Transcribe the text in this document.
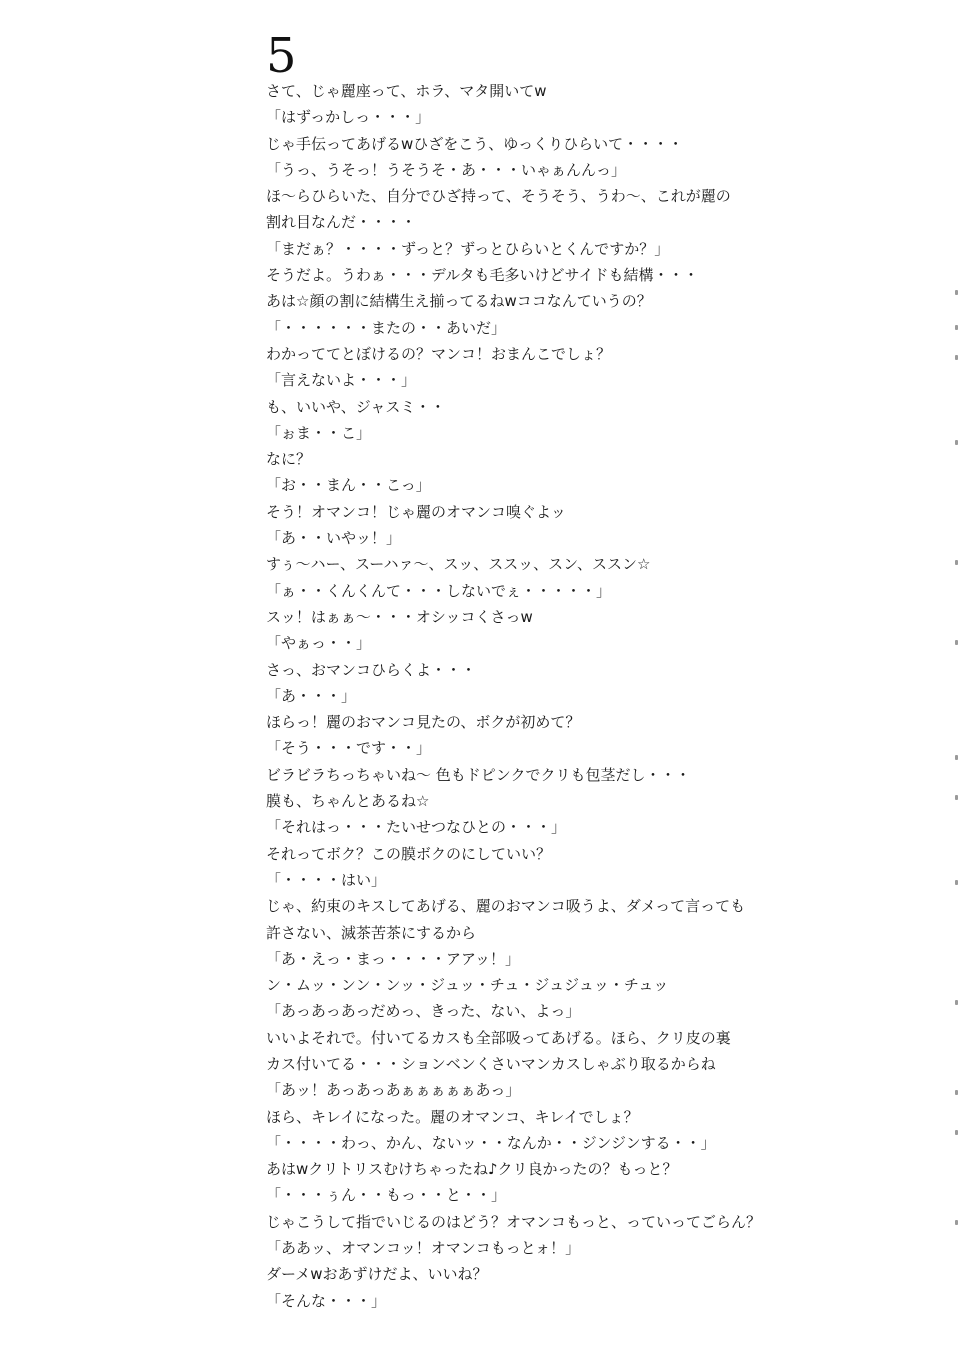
5
さて、じゃ麗座って、ホラ、マタ開いてw
「はずっかしっ・・・」
じゃ手伝ってあげるwひざをこう、ゆっくりひらいて・・・・
「うっ、うそっ！うそうそ・あ・・・いゃぁんんっ」
ほ～らひらいた、自分でひざ持って、そうそう、うわ～、これが麗の
割れ目なんだ・・・・
「まだぁ？・・・・ずっと？ずっとひらいとくんですか？」
そうだよ。うわぁ・・・デルタも毛多いけどサイドも結構・・・
あは☆顔の割に結構生え揃ってるねwココなんていうの？
「・・・・・・またの・・あいだ」
わかっててとぼけるの？マンコ！おまんこでしょ？
「言えないよ・・・」
も、いいや、ジャスミ・・
「ぉま・・こ」
なに？
「お・・まん・・こっ」
そう！オマンコ！じゃ麗のオマンコ嗅ぐよッ
「あ・・いやッ！」
すぅ～ハー、スーハァ～、スッ、ススッ、スン、ススン☆
「ぁ・・くんくんて・・・しないでぇ・・・・・」
スッ！はぁぁ～・・・オシッコくさっw
「やぁっ・・」
さっ、おマンコひらくよ・・・
「あ・・・」
ほらっ！麗のおマンコ見たの、ボクが初めて？
「そう・・・です・・」
ビラビラちっちゃいね～ 色もドピンクでクリも包茎だし・・・
膜も、ちゃんとあるね☆
「それはっ・・・たいせつなひとの・・・」
それってボク？この膜ボクのにしていい？
「・・・・はい」
じゃ、約束のキスしてあげる、麗のおマンコ吸うよ、ダメって言っても
許さない、滅茶苦茶にするから
「あ・えっ・まっ・・・・アアッ！」
ン・ムッ・ンン・ンッ・ジュッ・チュ・ジュジュッ・チュッ
「あっあっあっだめっ、きった、ない、よっ」
いいよそれで。付いてるカスも全部吸ってあげる。ほら、クリ皮の裏
カス付いてる・・・ションベンくさいマンカスしゃぶり取るからね
「あッ！あっあっあぁぁぁぁぁあっ」
ほら、キレイになった。麗のオマンコ、キレイでしょ？
「・・・・わっ、かん、ないッ・・なんか・・ジンジンする・・」
あはwクリトリスむけちゃったね♪クリ良かったの？もっと？
「・・・ぅん・・もっ・・と・・」
じゃこうして指でいじるのはどう？オマンコもっと、っていってごらん？
「ああッ、オマンコッ！オマンコもっとォ！」
ダーメwおあずけだよ、いいね？
「そんな・・・」
